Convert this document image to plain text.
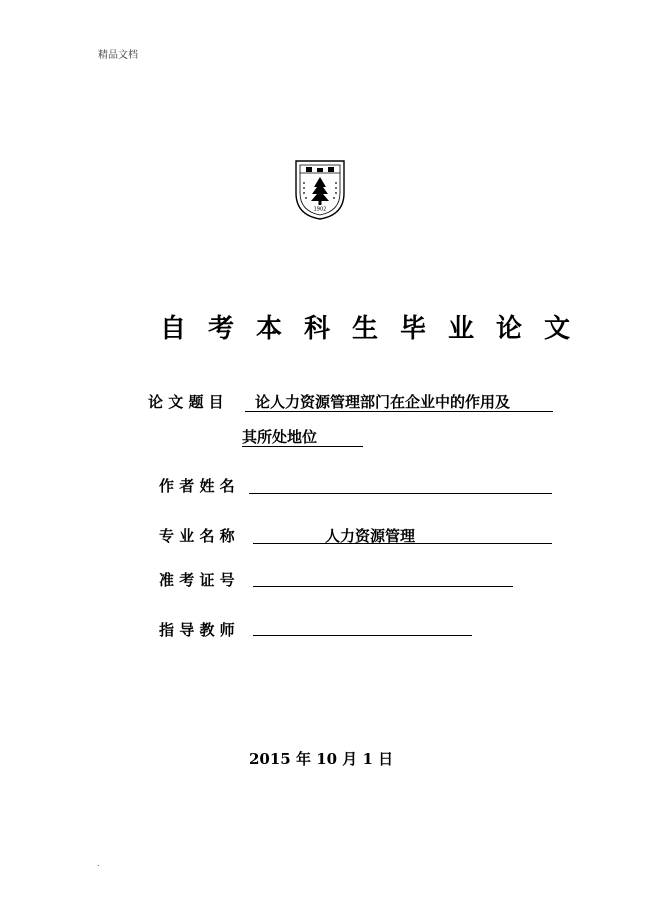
精品文档
1902
自考本科生毕业论文
论 文 题 目 论人力资源管理部门在企业中的作用及
其所处地位
作 者 姓 名
专 业 名 称	人力资源管理
准 考 证 号
指 导 教 师
2015 年 10 月 1 日
.
